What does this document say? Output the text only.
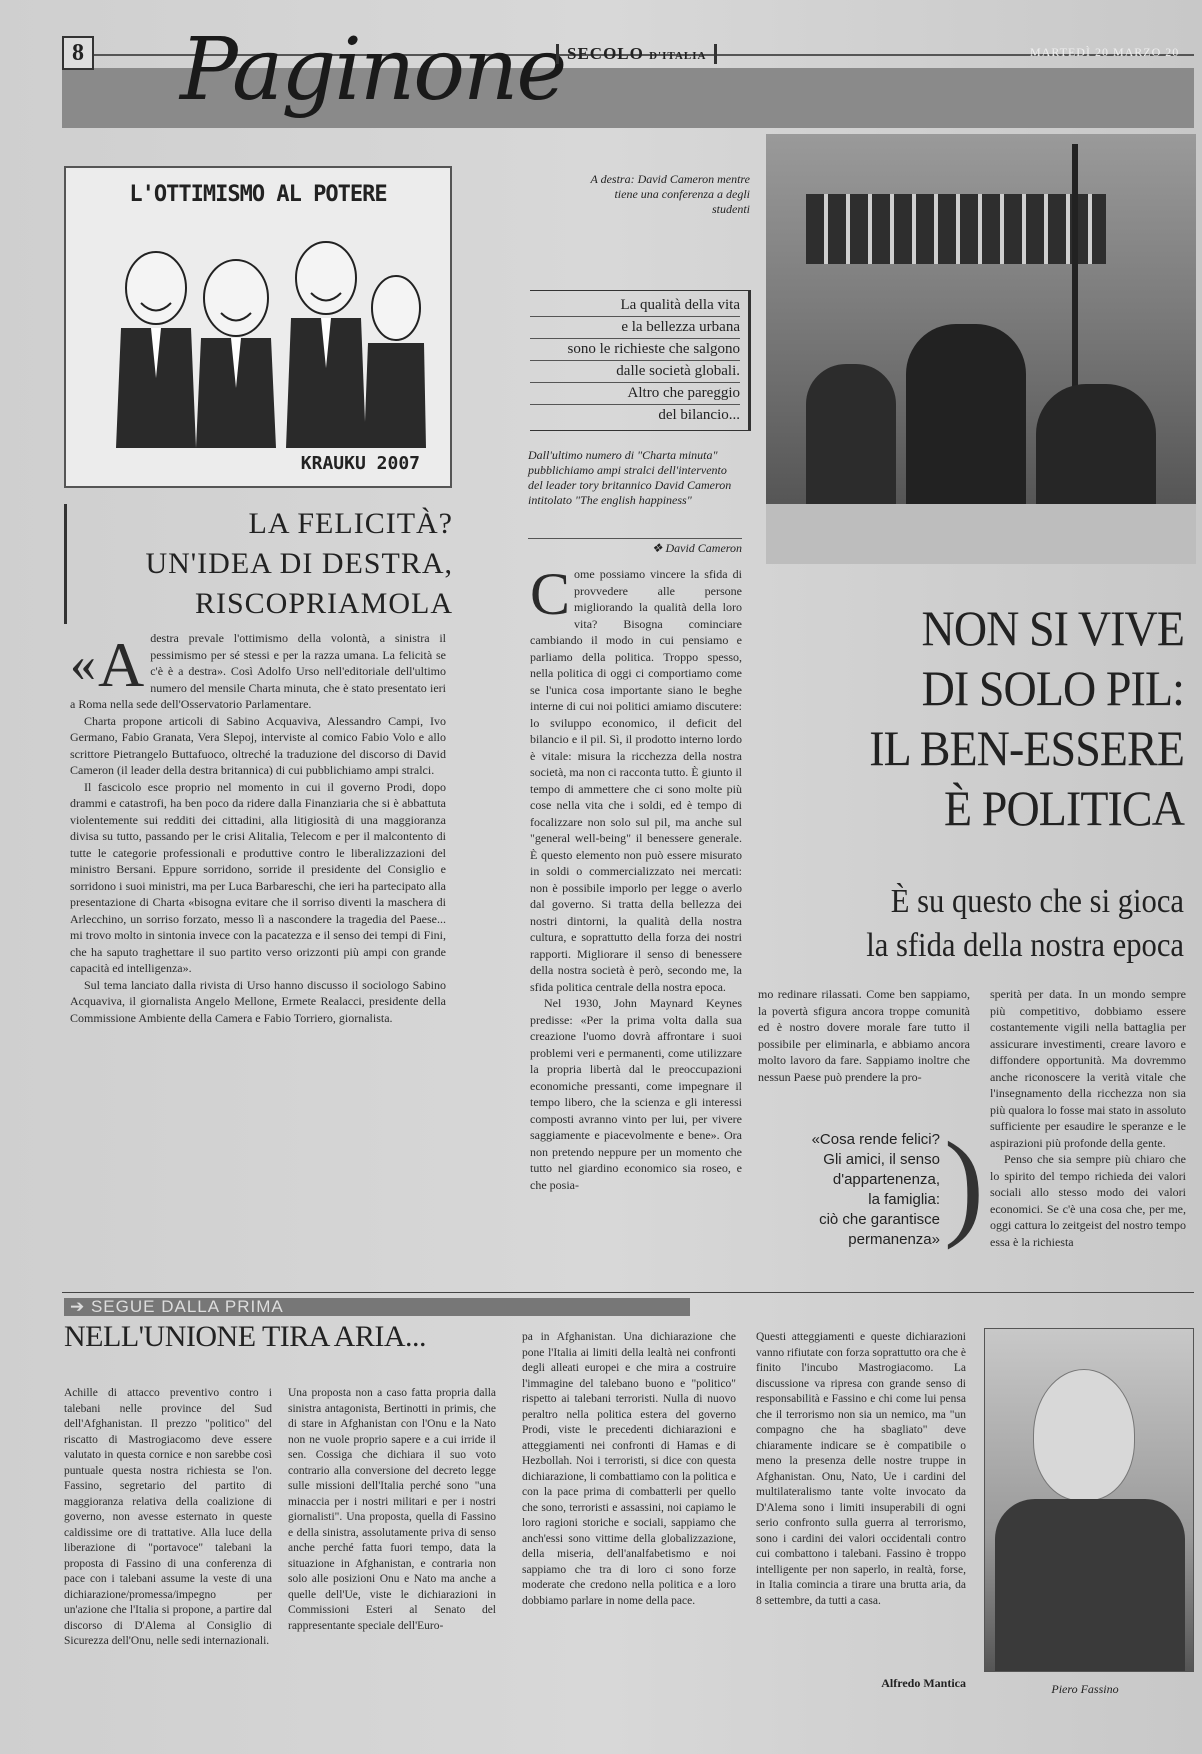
8 Paginone SECOLO D'ITALIA	MARTEDÌ 20 MARZO 20
L'OTTIMISMO AL POTERE
KRAUKU 2007
A destra: David Cameron mentre tiene una conferenza a degli studenti
La qualità della vita
e la bellezza urbana
sono le richieste che salgono
dalle società globali.
Altro che pareggio
del bilancio...
Dall'ultimo numero di "Charta minuta" pubblichiamo ampi stralci dell'intervento del leader tory britannico David Cameron intitolato "The english happiness"
❖ David Cameron
LA FELICITÀ?
UN'IDEA DI DESTRA,
RISCOPRIAMOLA
« A destra prevale l'ottimismo della volontà, a sinistra il pessimismo per sé stessi e per la razza umana. La felicità se c'è è a destra». Così Adolfo Urso nell'editoriale dell'ultimo numero del mensile Charta minuta, che è stato presentato ieri a Roma nella sede dell'Osservatorio Parlamentare.

Charta propone articoli di Sabino Acquaviva, Alessandro Campi, Ivo Germano, Fabio Granata, Vera Slepoj, interviste al comico Fabio Volo e allo scrittore Pietrangelo Buttafuoco, oltreché la traduzione del discorso di David Cameron (il leader della destra britannica) di cui pubblichiamo ampi stralci.

Il fascicolo esce proprio nel momento in cui il governo Prodi, dopo drammi e catastrofi, ha ben poco da ridere dalla Finanziaria che si è abbattuta violentemente sui redditi dei cittadini, alla litigiosità di una maggioranza divisa su tutto, passando per le crisi Alitalia, Telecom e per il malcontento di tutte le categorie professionali e produttive contro le liberalizzazioni del ministro Bersani. Eppure sorridono, sorride il presidente del Consiglio e sorridono i suoi ministri, ma per Luca Barbareschi, che ieri ha partecipato alla presentazione di Charta «bisogna evitare che il sorriso diventi la maschera di Arlecchino, un sorriso forzato, messo lì a nascondere la tragedia del Paese... mi trovo molto in sintonia invece con la pacatezza e il senso dei tempi di Fini, che ha saputo traghettare il suo partito verso orizzonti più ampi con grande capacità ed intelligenza».

Sul tema lanciato dalla rivista di Urso hanno discusso il sociologo Sabino Acquaviva, il giornalista Angelo Mellone, Ermete Realacci, presidente della Commissione Ambiente della Camera e Fabio Torriero, giornalista.

C ome possiamo vincere la sfida di provvedere alle persone migliorando la qualità della loro vita? Bisogna cominciare cambiando il modo in cui pensiamo e parliamo della politica. Troppo spesso, nella politica di oggi ci comportiamo come se l'unica cosa importante siano le beghe interne di cui noi politici amiamo discutere: lo sviluppo economico, il deficit del bilancio e il pil. Sì, il prodotto interno lordo è vitale: misura la ricchezza della nostra società, ma non ci racconta tutto. È giunto il tempo di ammettere che ci sono molte più cose nella vita che i soldi, ed è tempo di focalizzare non solo sul pil, ma anche sul "general well-being" il benessere generale. È questo elemento non può essere misurato in soldi o commercializzato nei mercati: non è possibile imporlo per legge o averlo dal governo. Si tratta della bellezza dei nostri dintorni, la qualità della nostra cultura, e soprattutto della forza dei nostri rapporti. Migliorare il senso di benessere della nostra società è però, secondo me, la sfida politica centrale della nostra epoca.

Nel 1930, John Maynard Keynes predisse: «Per la prima volta dalla sua creazione l'uomo dovrà affrontare i suoi problemi veri e permanenti, come utilizzare la propria libertà dal le preoccupazioni economiche pressanti, come impegnare il tempo libero, che la scienza e gli interessi composti avranno vinto per lui, per vivere saggiamente e piacevolmente e bene». Ora non pretendo neppure per un momento che tutto nel giardino economico sia roseo, e che posia-

NON SI VIVE
DI SOLO PIL:
IL BEN-ESSERE
È POLITICA
È su questo che si gioca
la sfida della nostra epoca
mo redinare rilassati. Come ben sappiamo, la povertà sfigura ancora troppe comunità ed è nostro dovere morale fare tutto il possibile per eliminarla, e abbiamo ancora molto lavoro da fare. Sappiamo inoltre che nessun Paese può prendere la pro-

sperità per data. In un mondo sempre più competitivo, dobbiamo essere costantemente vigili nella battaglia per assicurare investimenti, creare lavoro e diffondere opportunità. Ma dovremmo anche riconoscere la verità vitale che l'insegnamento della ricchezza non sia più qualora lo fosse mai stato in assoluto sufficiente per esaudire le speranze e le aspirazioni più profonde della gente.

Penso che sia sempre più chiaro che lo spirito del tempo richieda dei valori sociali allo stesso modo dei valori economici. Se c'è una cosa che, per me, oggi cattura lo zeitgeist del nostro tempo essa è la richiesta

«Cosa rende felici?
Gli amici, il senso
d'appartenenza,
la famiglia:
ciò che garantisce
permanenza» )
➔ SEGUE DALLA PRIMA
NELL'UNIONE TIRA ARIA...
Achille di attacco preventivo contro i talebani nelle province del Sud dell'Afghanistan. Il prezzo "politico" del riscatto di Mastrogiacomo deve essere valutato in questa cornice e non sarebbe così puntuale questa nostra richiesta se l'on. Fassino, segretario del partito di maggioranza relativa della coalizione di governo, non avesse esternato in queste caldissime ore di trattative. Alla luce della liberazione di "portavoce" talebani la proposta di Fassino di una conferenza di pace con i talebani assume la veste di una dichiarazione/promessa/impegno per un'azione che l'Italia si propone, a partire dal discorso di D'Alema al Consiglio di Sicurezza dell'Onu, nelle sedi internazionali.
Una proposta non a caso fatta propria dalla sinistra antagonista, Bertinotti in primis, che di stare in Afghanistan con l'Onu e la Nato non ne vuole proprio sapere e a cui irride il sen. Cossiga che dichiara il suo voto contrario alla conversione del decreto legge sulle missioni dell'Italia perché sono "una minaccia per i nostri militari e per i nostri giornalisti". Una proposta, quella di Fassino e della sinistra, assolutamente priva di senso anche perché fatta fuori tempo, data la situazione in Afghanistan, e contraria non solo alle posizioni Onu e Nato ma anche a quelle dell'Ue, viste le dichiarazioni in Commissioni Esteri al Senato del rappresentante speciale dell'Euro-
pa in Afghanistan. Una dichiarazione che pone l'Italia ai limiti della lealtà nei confronti degli alleati europei e che mira a costruire l'immagine del talebano buono e "politico" rispetto ai talebani terroristi. Nulla di nuovo peraltro nella politica estera del governo Prodi, viste le precedenti dichiarazioni e atteggiamenti nei confronti di Hamas e di Hezbollah. Noi i terroristi, si dice con questa dichiarazione, li combattiamo con la politica e con la pace prima di combatterli per quello che sono, terroristi e assassini, noi capiamo le loro ragioni storiche e sociali, sappiamo che anch'essi sono vittime della globalizzazione, della miseria, dell'analfabetismo e noi sappiamo che tra di loro ci sono forze moderate che credono nella politica e a loro dobbiamo parlare in nome della pace.
Questi atteggiamenti e queste dichiarazioni vanno rifiutate con forza soprattutto ora che è finito l'incubo Mastrogiacomo. La discussione va ripresa con grande senso di responsabilità e Fassino e chi come lui pensa che il terrorismo non sia un nemico, ma "un compagno che ha sbagliato" deve chiaramente indicare se è compatibile o meno la presenza delle nostre truppe in Afghanistan. Onu, Nato, Ue i cardini del multilateralismo tante volte invocato da D'Alema sono i limiti insuperabili di ogni serio confronto sulla guerra al terrorismo, sono i cardini dei valori occidentali contro cui combattono i talebani. Fassino è troppo intelligente per non saperlo, in realtà, forse, in Italia comincia a tirare una brutta aria, da 8 settembre, da tutti a casa.
Alfredo Mantica	Piero Fassino
